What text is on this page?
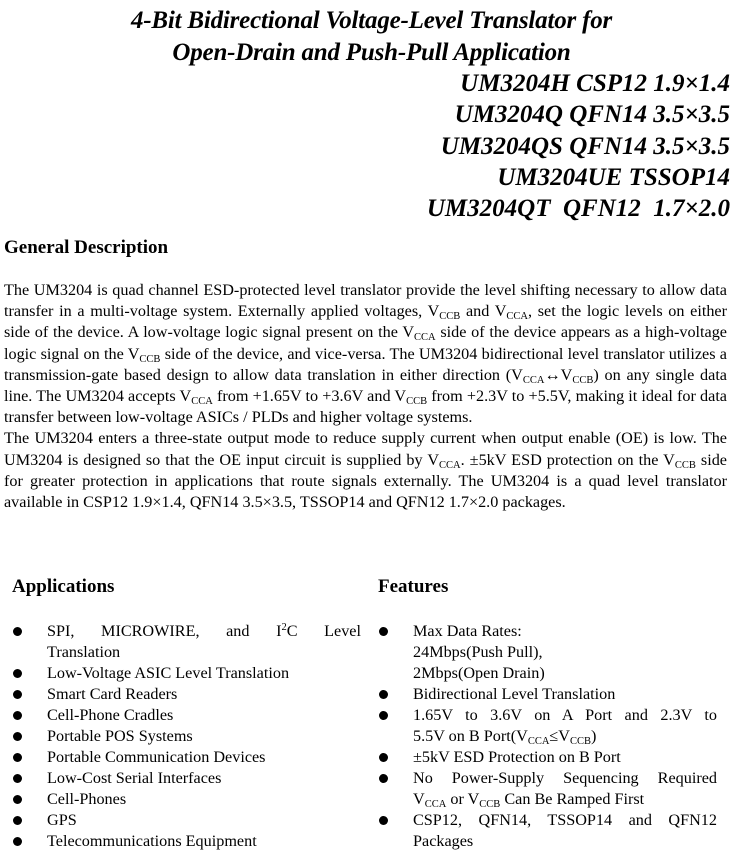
4-Bit Bidirectional Voltage-Level Translator for
Open-Drain and Push-Pull Application
UM3204H CSP12 1.9×1.4
UM3204Q QFN14 3.5×3.5
UM3204QS QFN14 3.5×3.5
UM3204UE TSSOP14
UM3204QT  QFN12  1.7×2.0
General Description

The UM3204 is quad channel ESD-protected level translator provide the level shifting necessary to allow data transfer in a multi-voltage system. Externally applied voltages, $V_{CCB}$ and $V_{CCA}$, set the logic levels on either side of the device. A low-voltage logic signal present on the $V_{CCA}$ side of the device appears as a high-voltage logic signal on the $V_{CCB}$ side of the device, and vice-versa. The UM3204 bidirectional level translator utilizes a transmission-gate based design to allow data translation in either direction $(V_{CCA}\leftrightarrow V_{CCB})$ on any single data line. The UM3204 accepts $V_{CCA}$ from +1.65V to +3.6V and $V_{CCB}$ from +2.3V to +5.5V, making it ideal for data transfer between low-voltage ASICs / PLDs and higher voltage systems.

The UM3204 enters a three-state output mode to reduce supply current when output enable (OE) is low. The UM3204 is designed so that the OE input circuit is supplied by $V_{CCA}$. ±5kV ESD protection on the $V_{CCB}$ side for greater protection in applications that route signals externally. The UM3204 is a quad level translator available in CSP12 1.9×1.4, QFN14 3.5×3.5, TSSOP14 and QFN12 1.7×2.0 packages.

Applications	Features
SPI, MICROWIRE, and $I^2C$ Level
Translation
Low-Voltage ASIC Level Translation
Smart Card Readers
Cell-Phone Cradles
Portable POS Systems
Portable Communication Devices
Low-Cost Serial Interfaces
Cell-Phones
GPS
Telecommunications Equipment
Max Data Rates:
24Mbps(Push Pull),
2Mbps(Open Drain)
Bidirectional Level Translation
1.65V to 3.6V on A Port and 2.3V to
5.5V on B $Port(V_{CCA}\le V_{CCB})$
±5kV ESD Protection on B Port
No Power-Supply Sequencing Required
$V_{CCA}$ or $V_{CCB}$ Can Be Ramped First
CSP12, QFN14, TSSOP14 and QFN12
Packages
